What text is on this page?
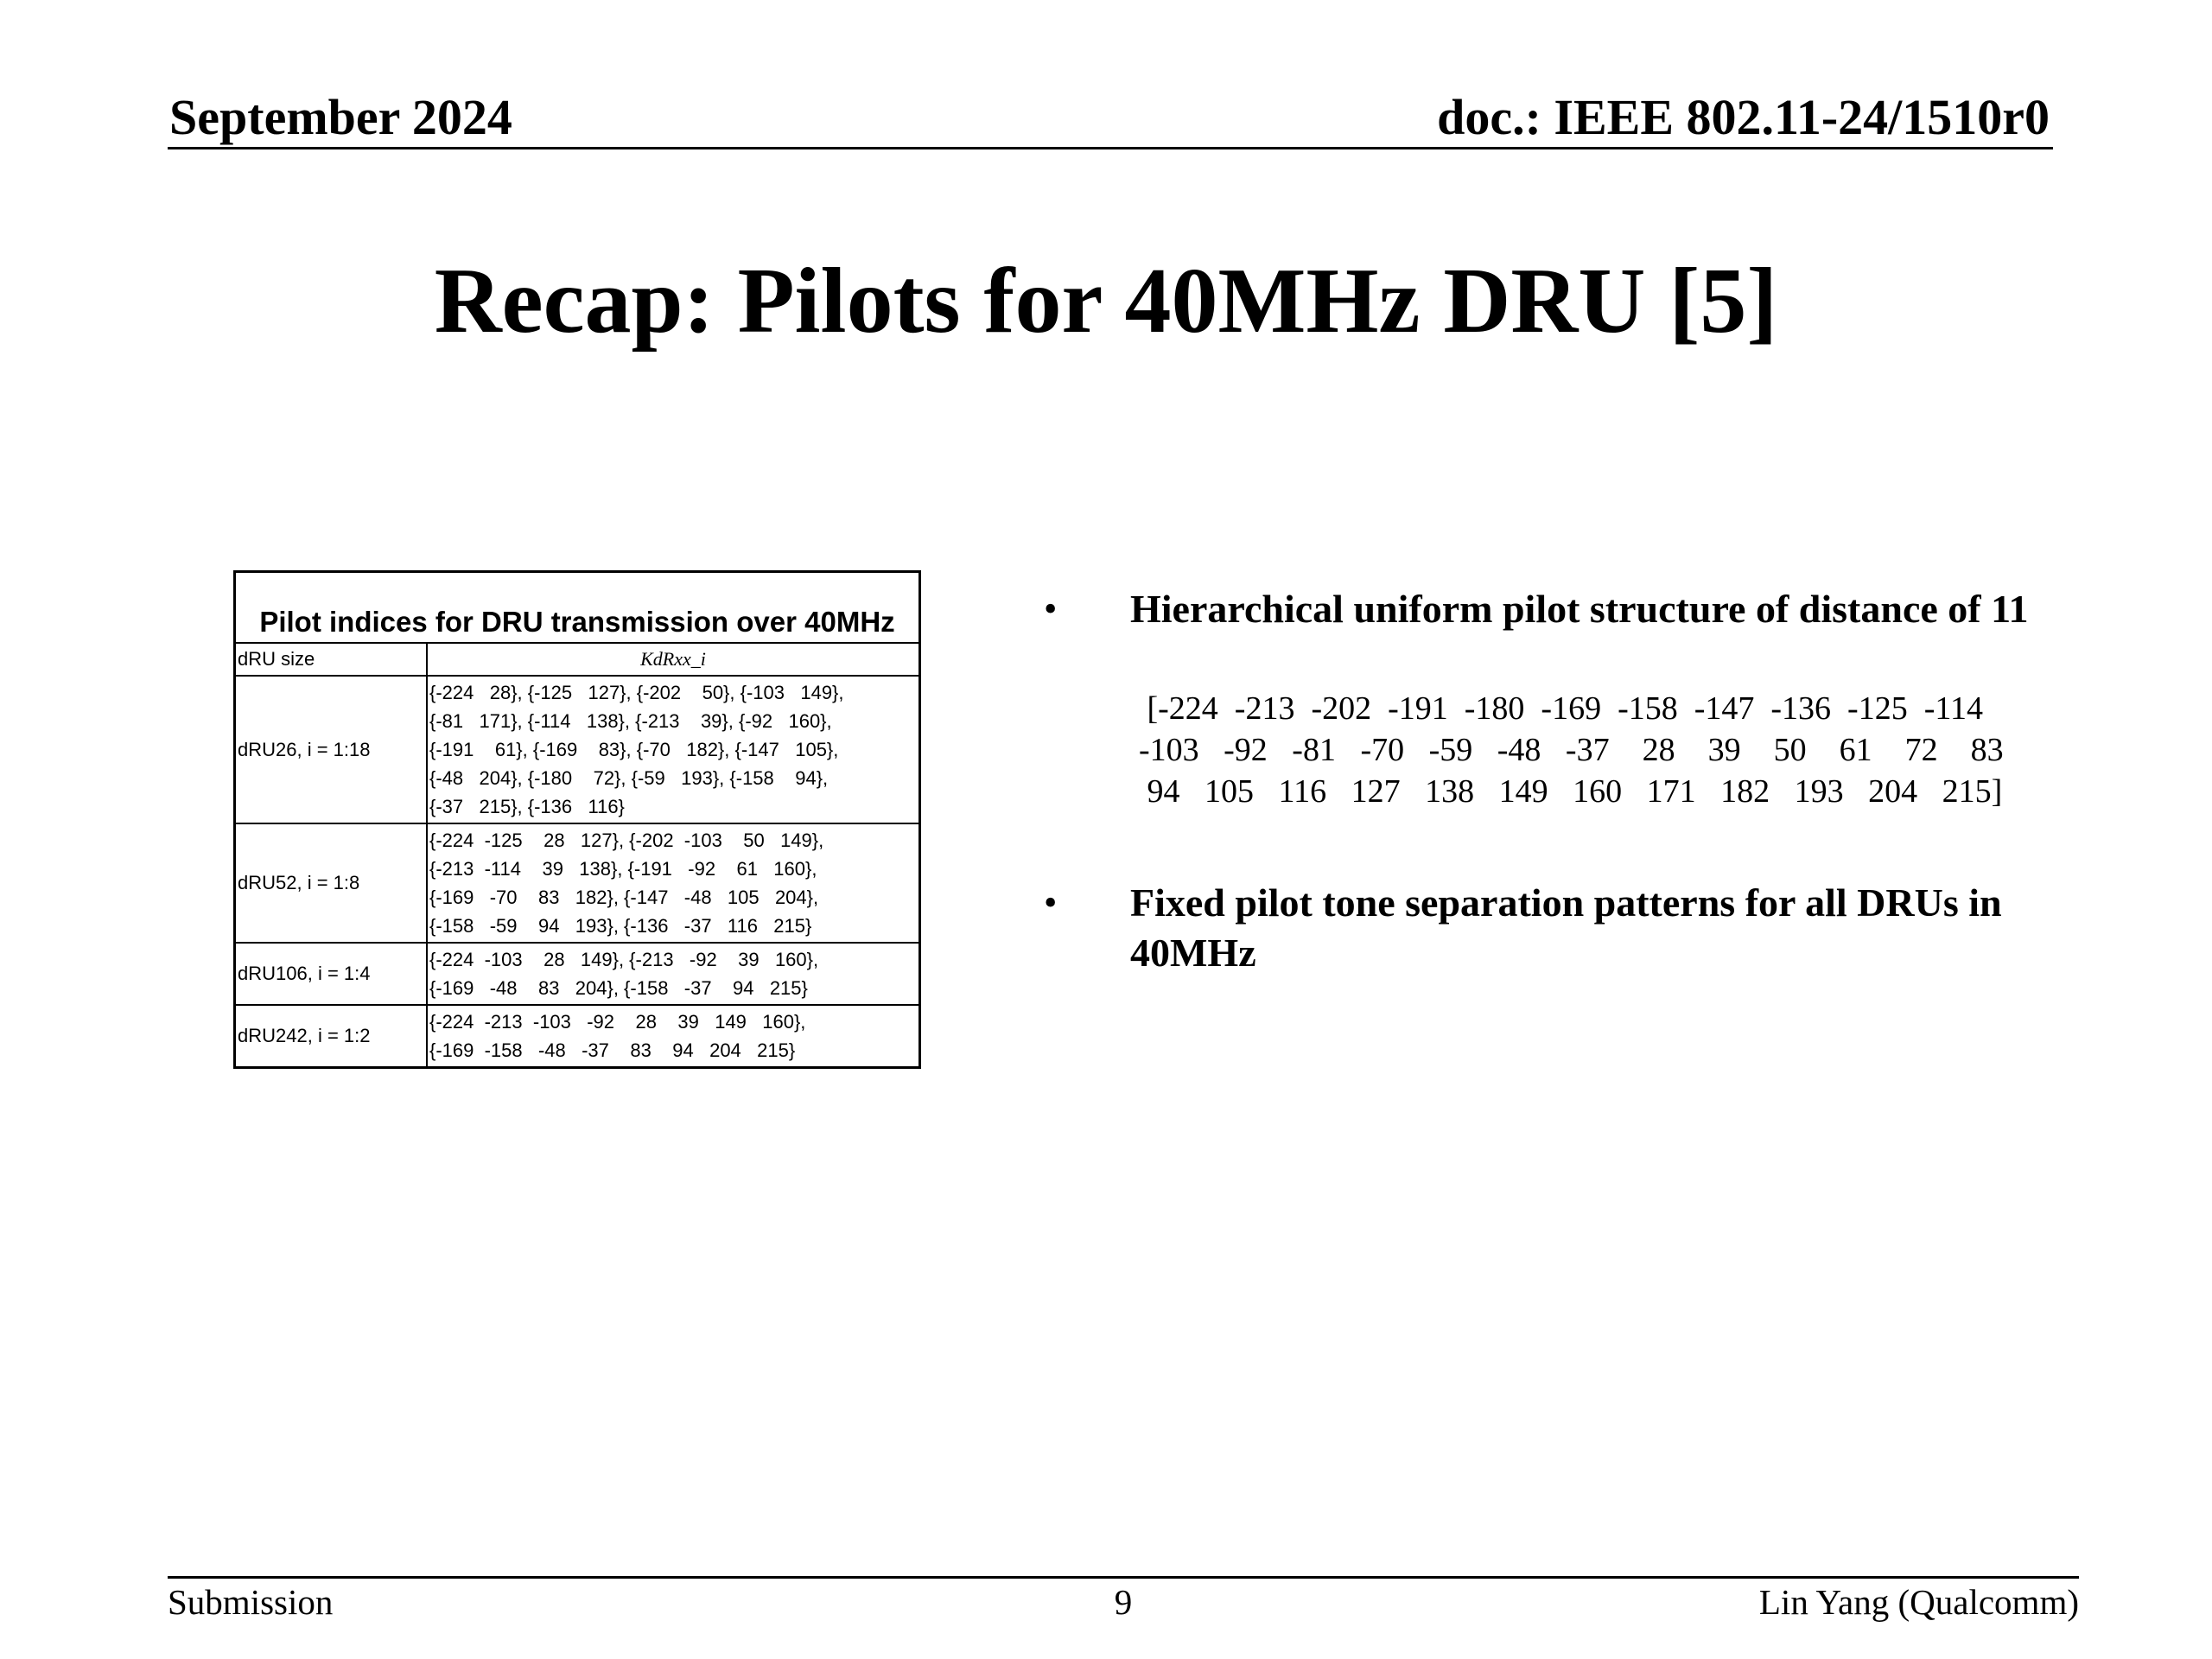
September 2024	doc.: IEEE 802.11-24/1510r0
Recap: Pilots for 40MHz DRU [5]
Pilot indices for DRU transmission over 40MHz	
dRU size	KdRxx_i
dRU26, i = 1:18	{-224   28}, {-125   127}, {-202    50}, {-103   149},
{-81   171}, {-114   138}, {-213    39}, {-92   160},
{-191    61}, {-169    83}, {-70   182}, {-147   105},
{-48   204}, {-180    72}, {-59   193}, {-158    94},
{-37   215}, {-136   116}

dRU52, i = 1:8	{-224  -125    28   127}, {-202  -103    50   149},
{-213  -114    39   138}, {-191   -92    61   160},
{-169   -70    83   182}, {-147   -48   105   204},
{-158   -59    94   193}, {-136   -37   116   215}

dRU106, i = 1:4	{-224  -103    28   149}, {-213   -92    39   160},
{-169   -48    83   204}, {-158   -37    94   215}

dRU242, i = 1:2	{-224  -213  -103   -92    28    39   149   160},
{-169  -158   -48   -37    83    94   204   215}
• Hierarchical uniform pilot structure of distance of 11
[-224  -213  -202  -191  -180  -169  -158  -147  -136  -125  -114
-103   -92   -81   -70   -59   -48   -37    28    39    50    61    72    83
94   105   116   127   138   149   160   171   182   193   204   215]
• Fixed pilot tone separation patterns for all DRUs in 40MHz
Submission	9	Lin Yang (Qualcomm)
